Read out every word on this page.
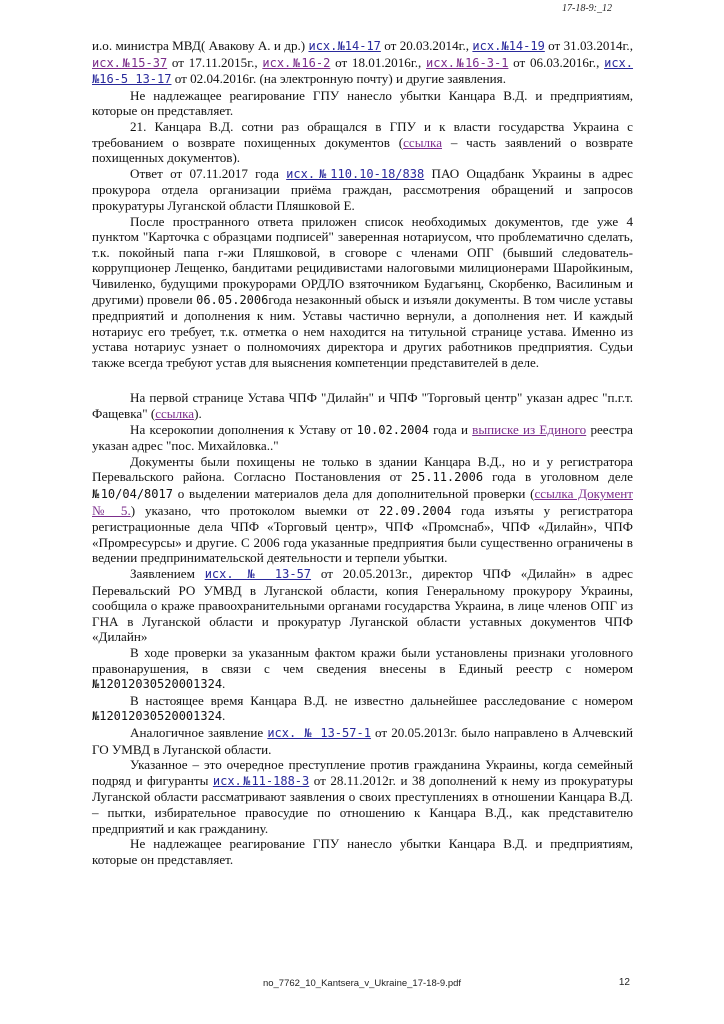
17-18-9:_12

и.о. министра МВД( Авакову А. и др.) исх.№14-17 от 20.03.2014г., исх.№14-19 от 31.03.2014г., исх.№15-37 от 17.11.2015г., исх.№16-2 от 18.01.2016г., исх.№16-3-1 от 06.03.2016г., исх.№16-5 13-17 от 02.04.2016г. (на электронную почту) и другие заявления.

Не надлежащее реагирование ГПУ нанесло убытки Канцара В.Д. и предприятиям, которые он представляет.

21. Канцара В.Д. сотни раз обращался в ГПУ и к власти государства Украина с требованием о возврате похищенных документов (ссылка – часть заявлений о возврате похищенных документов).

Ответ от 07.11.2017 года исх.№110.10-18/838 ПАО Ощадбанк Украины в адрес прокурора отдела организации приёма граждан, рассмотрения обращений и запросов прокуратуры Луганской области Пляшковой Е.

После пространного ответа приложен список необходимых документов, где уже 4 пунктом "Карточка с образцами подписей" заверенная нотариусом, что проблематично сделать, т.к. покойный папа г-жи Пляшковой, в сговоре с членами ОПГ (бывший следователь-коррупционер Лещенко, бандитами рецидивистами налоговыми милиционерами Шаройкиным, Чивиленко, будущими прокурорами ОРДЛО взяточником Будагьянц, Скорбенко, Василиным и другими) провели 06.05.2006года незаконный обыск и изъяли документы. В том числе уставы предприятий и дополнения к ним. Уставы частично вернули, а дополнения нет. И каждый нотариус его требует, т.к. отметка о нем находится на титульной странице устава. Именно из устава нотариус узнает о полномочиях директора и других работников предприятия. Судьи также всегда требуют устав для выяснения компетенции представителей в деле.

На первой странице Устава ЧПФ "Дилайн" и ЧПФ "Торговый центр" указан адрес "п.г.т. Фащевка" (ссылка).

На ксерокопии дополнения к Уставу от 10.02.2004 года и выписке из Единого реестра указан адрес "пос. Михайловка.."

Документы были похищены не только в здании Канцара В.Д., но и у регистратора Перевальского района. Согласно Постановления от 25.11.2006 года в уголовном деле №10/04/8017 о выделении материалов дела для дополнительной проверки (ссылка Документ № 5.) указано, что протоколом выемки от 22.09.2004 года изъяты у регистратора регистрационные дела ЧПФ «Торговый центр», ЧПФ «Промснаб», ЧПФ «Дилайн», ЧПФ «Промресурсы» и другие. С 2006 года указанные предприятия были существенно ограничены в ведении предпринимательской деятельности и терпели убытки.

Заявлением исх. № 13-57 от 20.05.2013г., директор ЧПФ «Дилайн» в адрес Перевальский РО УМВД в Луганской области, копия Генеральному прокурору Украины, сообщила о краже правоохранительными органами государства Украина, в лице членов ОПГ из ГНА в Луганской области и прокуратур Луганской области уставных документов ЧПФ «Дилайн»

В ходе проверки за указанным фактом кражи были установлены признаки уголовного правонарушения, в связи с чем сведения внесены в Единый реестр с номером №12012030520001324.

В настоящее время Канцара В.Д. не известно дальнейшее расследование с номером №12012030520001324.

Аналогичное заявление исх. № 13-57-1 от 20.05.2013г. было направлено в Алчевский ГО УМВД в Луганской области.

Указанное – это очередное преступление против гражданина Украины, когда семейный подряд и фигуранты исх.№11-188-3 от 28.11.2012г. и 38 дополнений к нему из прокуратуры Луганской области рассматривают заявления о своих преступлениях в отношении Канцара В.Д. – пытки, избирательное правосудие по отношению к Канцара В.Д., как представителю предприятий и как гражданину.

Не надлежащее реагирование ГПУ нанесло убытки Канцара В.Д. и предприятиям, которые он представляет.

no_7762_10_Kantsera_v_Ukraine_17-18-9.pdf	12
